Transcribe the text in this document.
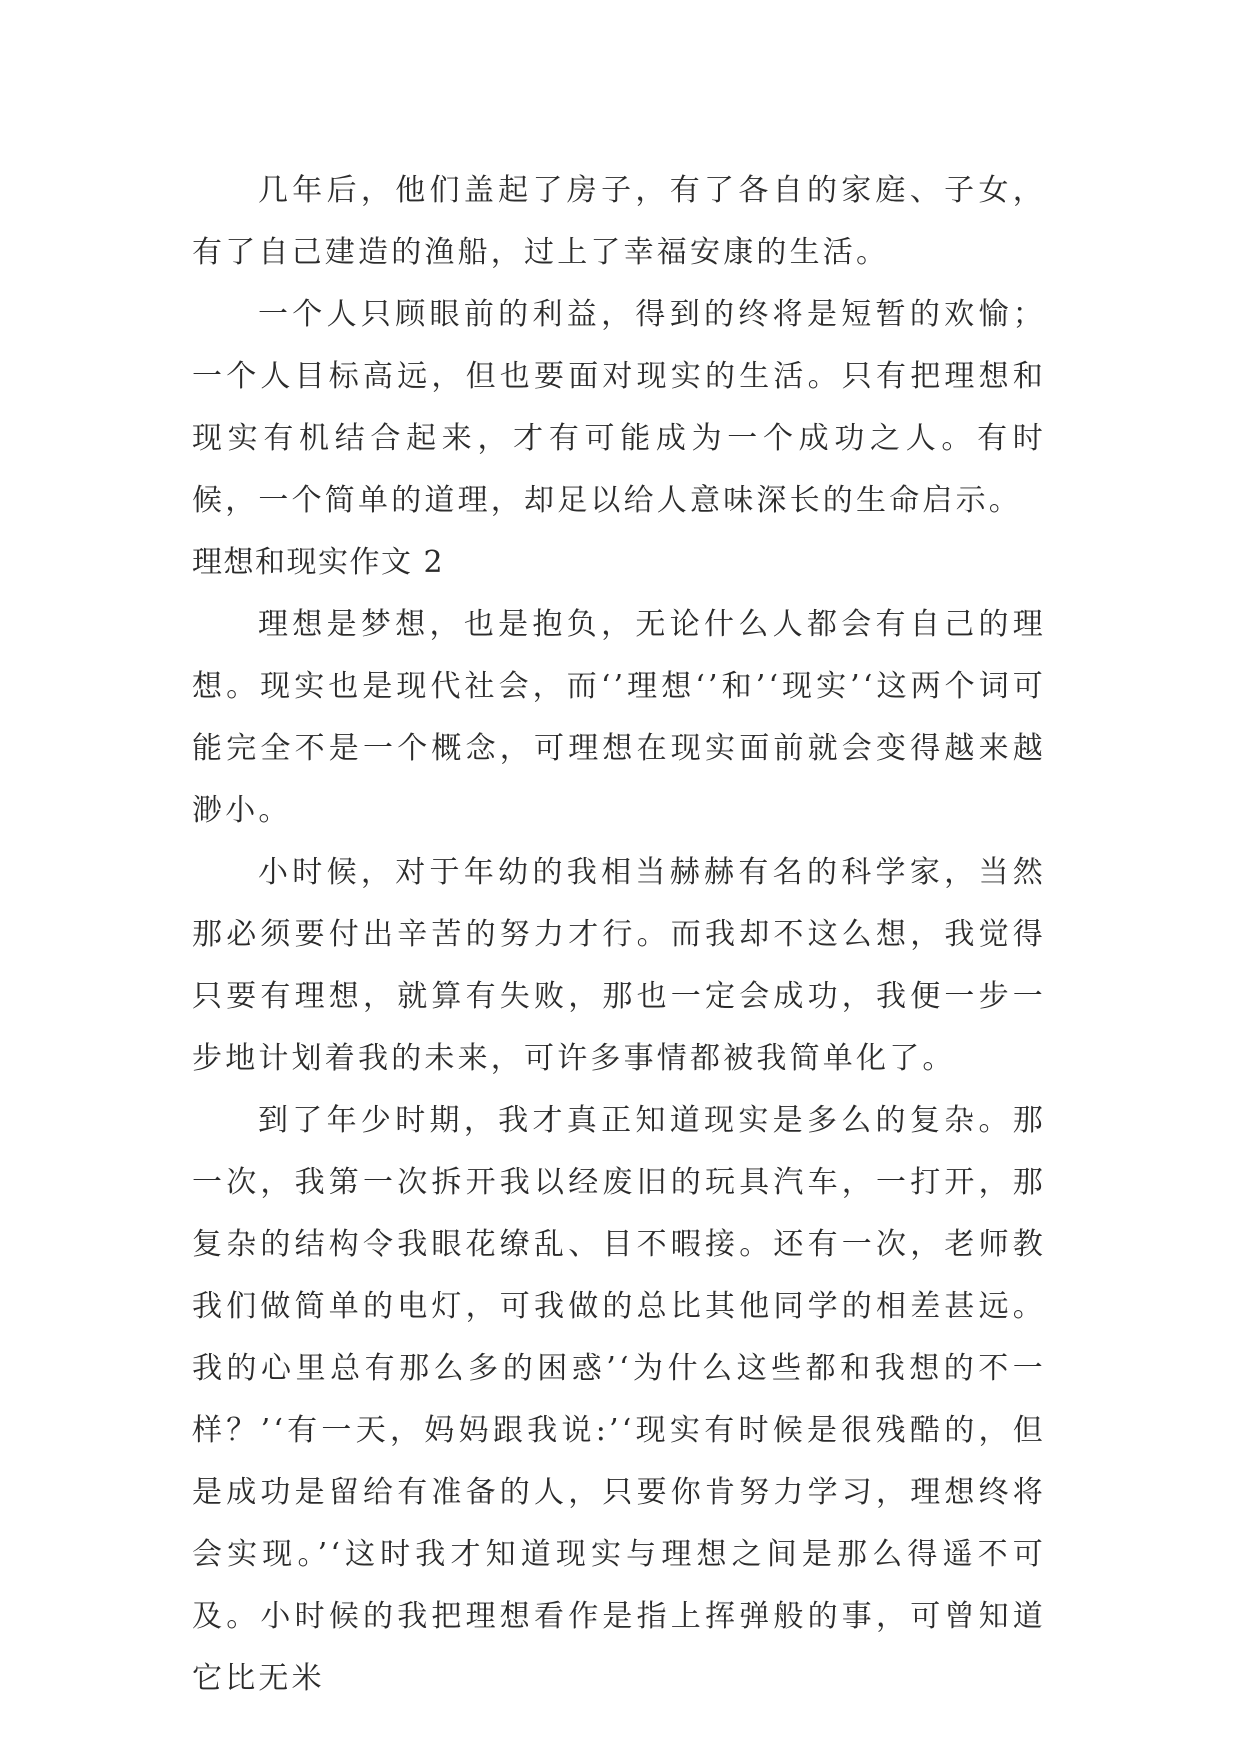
几年后，他们盖起了房子，有了各自的家庭、子女，有了自己建造的渔船，过上了幸福安康的生活。

一个人只顾眼前的利益，得到的终将是短暂的欢愉；一个人目标高远，但也要面对现实的生活。只有把理想和现实有机结合起来，才有可能成为一个成功之人。有时候，一个简单的道理，却足以给人意味深长的生命启示。

理想和现实作文 2

理想是梦想，也是抱负，无论什么人都会有自己的理想。现实也是现代社会，而‘’理想‘’和’‘现实’‘这两个词可能完全不是一个概念，可理想在现实面前就会变得越来越渺小。

小时候，对于年幼的我相当赫赫有名的科学家，当然那必须要付出辛苦的努力才行。而我却不这么想，我觉得只要有理想，就算有失败，那也一定会成功，我便一步一步地计划着我的未来，可许多事情都被我简单化了。

到了年少时期，我才真正知道现实是多么的复杂。那一次，我第一次拆开我以经废旧的玩具汽车，一打开，那复杂的结构令我眼花缭乱、目不暇接。还有一次，老师教我们做简单的电灯，可我做的总比其他同学的相差甚远。我的心里总有那么多的困惑’‘为什么这些都和我想的不一样？’‘有一天，妈妈跟我说:’‘现实有时候是很残酷的，但是成功是留给有准备的人，只要你肯努力学习，理想终将会实现。’‘这时我才知道现实与理想之间是那么得遥不可及。小时候的我把理想看作是指上挥弹般的事，可曾知道它比无米
